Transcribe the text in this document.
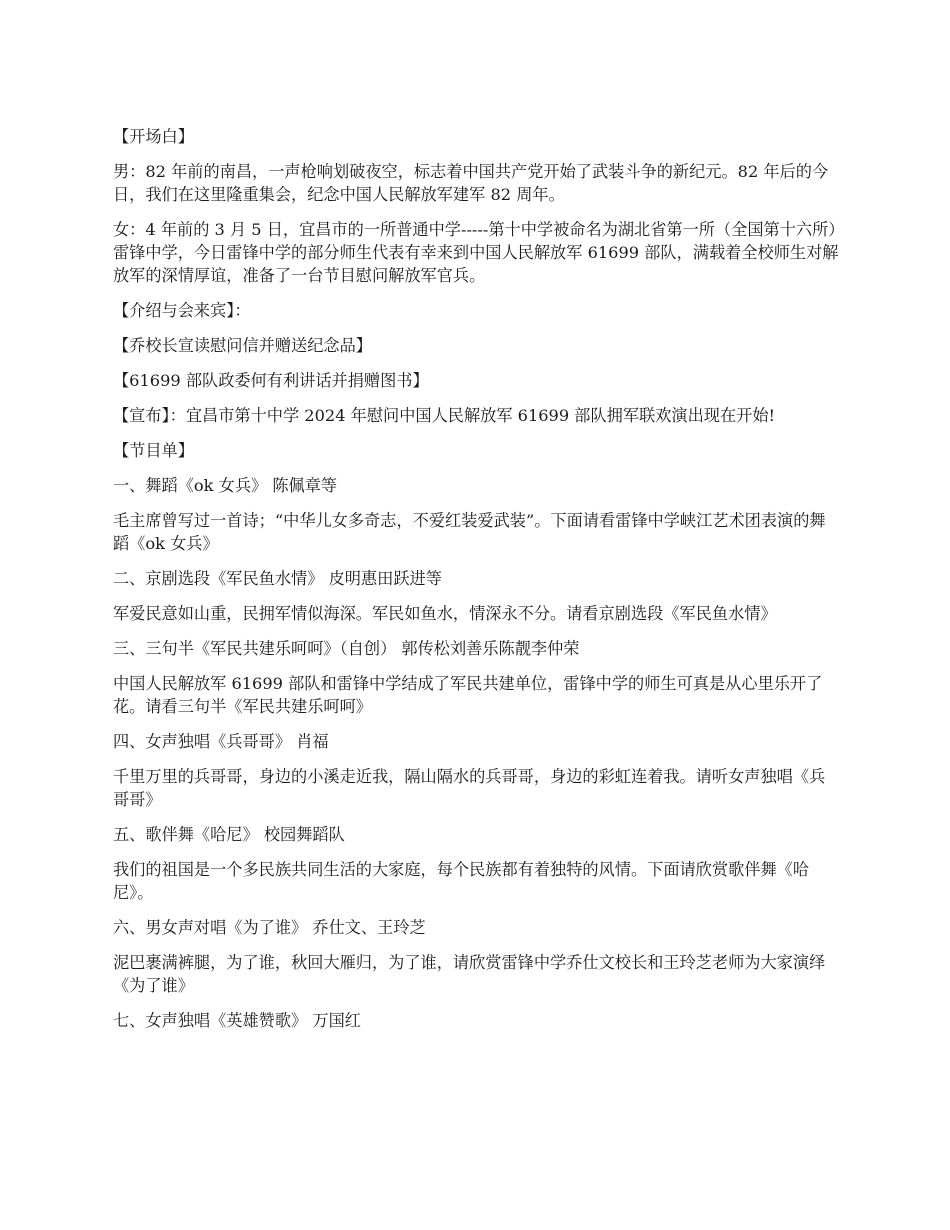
【开场白】

男：82 年前的南昌，一声枪响划破夜空，标志着中国共产党开始了武装斗争的新纪元。82 年后的今日，我们在这里隆重集会，纪念中国人民解放军建军 82 周年。

女：4 年前的 3 月 5 日，宜昌市的一所普通中学-----第十中学被命名为湖北省第一所（全国第十六所）雷锋中学，今日雷锋中学的部分师生代表有幸来到中国人民解放军 61699 部队，满载着全校师生对解放军的深情厚谊，准备了一台节目慰问解放军官兵。

【介绍与会来宾】：

【乔校长宣读慰问信并赠送纪念品】

【61699 部队政委何有利讲话并捐赠图书】

【宣布】：宜昌市第十中学 2024 年慰问中国人民解放军 61699 部队拥军联欢演出现在开始!

【节目单】

一、舞蹈《ok 女兵》 陈佩章等

毛主席曾写过一首诗；“中华儿女多奇志，不爱红装爱武装”。下面请看雷锋中学峡江艺术团表演的舞蹈《ok 女兵》

二、京剧选段《军民鱼水情》 皮明惠田跃进等

军爱民意如山重，民拥军情似海深。军民如鱼水，情深永不分。请看京剧选段《军民鱼水情》

三、三句半《军民共建乐呵呵》（自创） 郭传松刘善乐陈靓李仲荣

中国人民解放军 61699 部队和雷锋中学结成了军民共建单位，雷锋中学的师生可真是从心里乐开了花。请看三句半《军民共建乐呵呵》

四、女声独唱《兵哥哥》 肖福

千里万里的兵哥哥，身边的小溪走近我，隔山隔水的兵哥哥，身边的彩虹连着我。请听女声独唱《兵哥哥》

五、歌伴舞《哈尼》 校园舞蹈队

我们的祖国是一个多民族共同生活的大家庭，每个民族都有着独特的风情。下面请欣赏歌伴舞《哈尼》。

六、男女声对唱《为了谁》 乔仕文、王玲芝

泥巴裹满裤腿，为了谁，秋回大雁归，为了谁，请欣赏雷锋中学乔仕文校长和王玲芝老师为大家演绎《为了谁》

七、女声独唱《英雄赞歌》 万国红
